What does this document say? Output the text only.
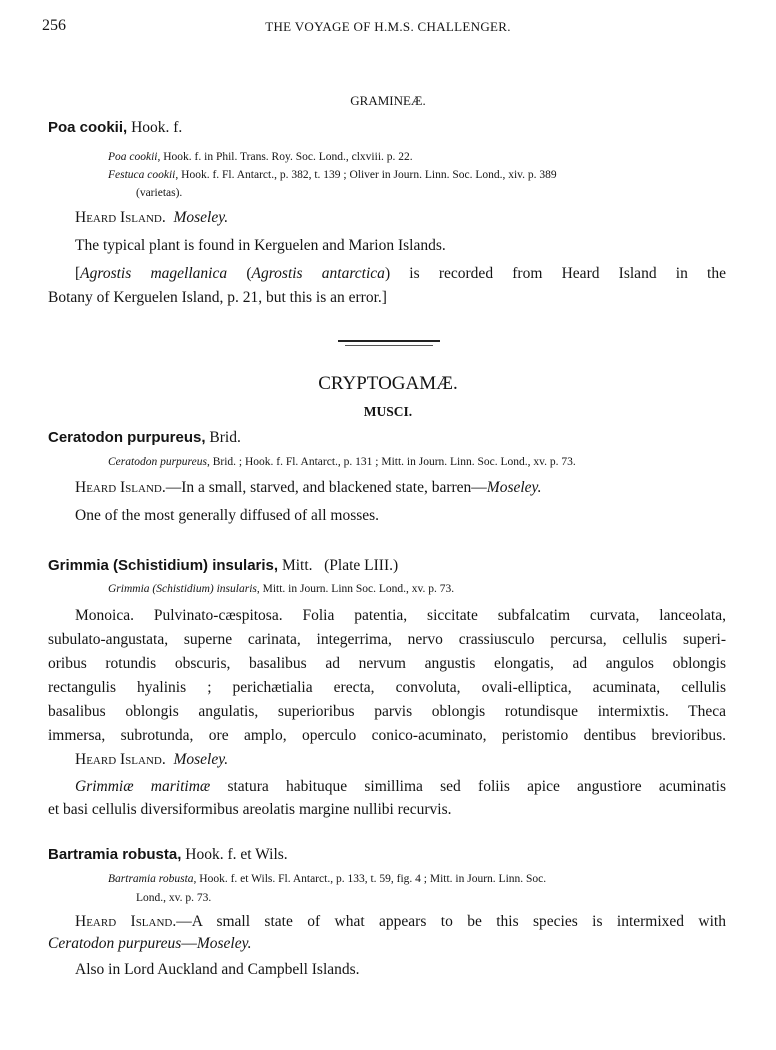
256	THE VOYAGE OF H.M.S. CHALLENGER.
GRAMINEÆ.
Poa cookii, Hook. f.
Poa cookii, Hook. f. in Phil. Trans. Roy. Soc. Lond., clxviii. p. 22.
Festuca cookii, Hook. f. Fl. Antarct., p. 382, t. 139 ; Oliver in Journ. Linn. Soc. Lond., xiv. p. 389
(varietas).
Heard Island. Moseley.
The typical plant is found in Kerguelen and Marion Islands.
[Agrostis magellanica (Agrostis antarctica) is recorded from Heard Island in the
Botany of Kerguelen Island, p. 21, but this is an error.]
CRYPTOGAMÆ.
MUSCI.
Ceratodon purpureus, Brid.
Ceratodon purpureus, Brid. ; Hook. f. Fl. Antarct., p. 131 ; Mitt. in Journ. Linn. Soc. Lond., xv. p. 73.
Heard Island.—In a small, starved, and blackened state, barren—Moseley.
One of the most generally diffused of all mosses.
Grimmia (Schistidium) insularis, Mitt.   (Plate LIII.)
Grimmia (Schistidium) insularis, Mitt. in Journ. Linn Soc. Lond., xv. p. 73.
Monoica. Pulvinato-cæspitosa. Folia patentia, siccitate subfalcatim curvata, lanceolata,
subulato-angustata, superne carinata, integerrima, nervo crassiusculo percursa, cellulis superi-
oribus rotundis obscuris, basalibus ad nervum angustis elongatis, ad angulos oblongis
rectangulis hyalinis ; perichætialia erecta, convoluta, ovali-elliptica, acuminata, cellulis
basalibus oblongis angulatis, superioribus parvis oblongis rotundisque intermixtis. Theca
immersa, subrotunda, ore amplo, operculo conico-acuminato, peristomio dentibus brevioribus.
Heard Island. Moseley.
Grimmiæ maritimæ statura habituque simillima sed foliis apice angustiore acuminatis
et basi cellulis diversiformibus areolatis margine nullibi recurvis.
Bartramia robusta, Hook. f. et Wils.
Bartramia robusta, Hook. f. et Wils. Fl. Antarct., p. 133, t. 59, fig. 4 ; Mitt. in Journ. Linn. Soc.
Lond., xv. p. 73.
Heard Island.—A small state of what appears to be this species is intermixed with
Ceratodon purpureus—Moseley.
Also in Lord Auckland and Campbell Islands.
